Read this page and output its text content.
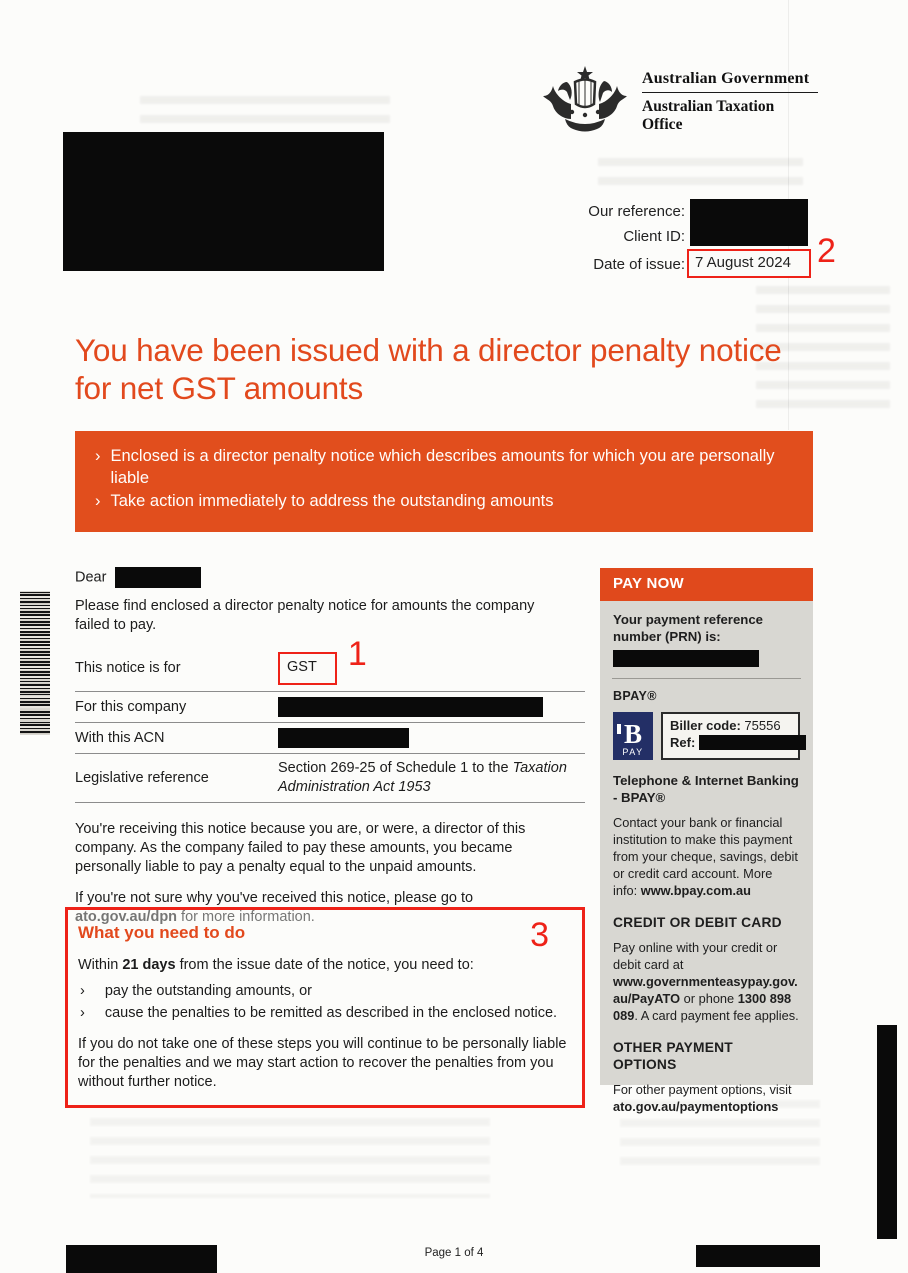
Australian Government
Australian Taxation Office
Our reference:
Client ID:
Date of issue: 7 August 2024 2
You have been issued with a director penalty notice for net GST amounts
› Enclosed is a director penalty notice which describes amounts for which you are personally liable
› Take action immediately to address the outstanding amounts
Dear

Please find enclosed a director penalty notice for amounts the company failed to pay.

This notice is for	GST 1
For this company
With this ACN
Legislative reference
Section 269-25 of Schedule 1 to the Taxation Administration Act 1953

You're receiving this notice because you are, or were, a director of this company. As the company failed to pay these amounts, you became personally liable to pay a penalty equal to the unpaid amounts.

If you're not sure why you've received this notice, please go to ato.gov.au/dpn for more information.	3
What you need to do

Within 21 days from the issue date of the notice, you need to:

› pay the outstanding amounts, or
› cause the penalties to be remitted as described in the enclosed notice.

If you do not take one of these steps you will continue to be personally liable for the penalties and we may start action to recover the penalties from you without further notice.

PAY NOW
Your payment reference number (PRN) is:
BPAY®
B
PAY
Biller code: 75556
Ref:
Telephone & Internet Banking - BPAY®

Contact your bank or financial institution to make this payment from your cheque, savings, debit or credit card account. More info: www.bpay.com.au

CREDIT OR DEBIT CARD

Pay online with your credit or debit card at www.governmenteasypay.gov.au/PayATO or phone 1300 898 089. A card payment fee applies.

OTHER PAYMENT OPTIONS

For other payment options, visit ato.gov.au/paymentoptions

Page 1 of 4
